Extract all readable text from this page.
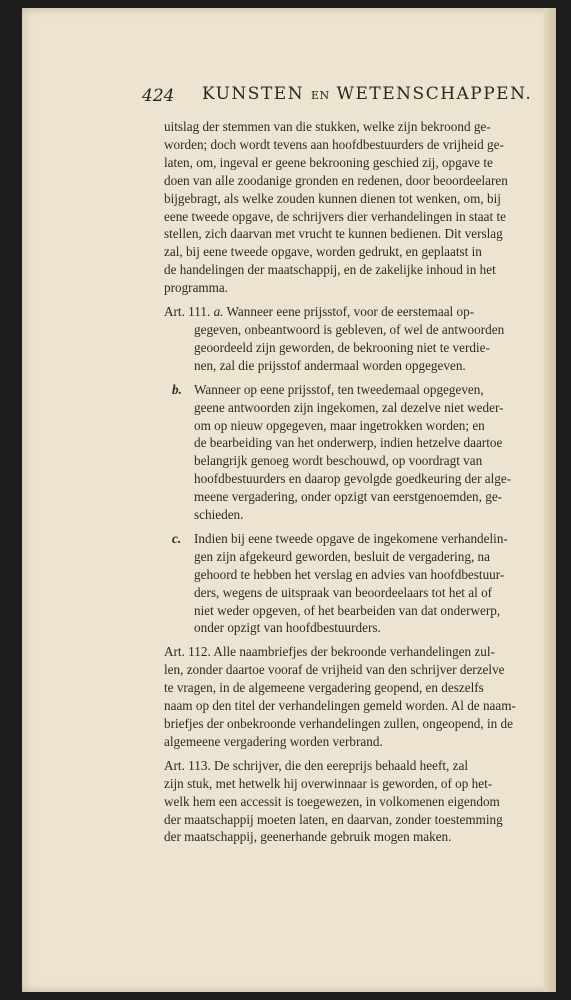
424 KUNSTEN EN WETENSCHAPPEN.
uitslag der stemmen van die stukken, welke zijn bekroond ge-
worden; doch wordt tevens aan hoofdbestuurders de vrijheid ge-
laten, om, ingeval er geene bekrooning geschied zij, opgave te
doen van alle zoodanige gronden en redenen, door beoordeelaren
bijgebragt, als welke zouden kunnen dienen tot wenken, om, bij
eene tweede opgave, de schrijvers dier verhandelingen in staat te
stellen, zich daarvan met vrucht te kunnen bedienen. Dit verslag
zal, bij eene tweede opgave, worden gedrukt, en geplaatst in
de handelingen der maatschappij, en de zakelijke inhoud in het
programma.
Art. 111. a. Wanneer eene prijsstof, voor de eerstemaal op-
gegeven, onbeantwoord is gebleven, of wel de antwoorden
geoordeeld zijn geworden, de bekrooning niet te verdie-
nen, zal die prijsstof andermaal worden opgegeven.
b. Wanneer op eene prijsstof, ten tweedemaal opgegeven,
geene antwoorden zijn ingekomen, zal dezelve niet weder-
om op nieuw opgegeven, maar ingetrokken worden; en
de bearbeiding van het onderwerp, indien hetzelve daartoe
belangrijk genoeg wordt beschouwd, op voordragt van
hoofdbestuurders en daarop gevolgde goedkeuring der alge-
meene vergadering, onder opzigt van eerstgenoemden, ge-
schieden.
c. Indien bij eene tweede opgave de ingekomene verhandelin-
gen zijn afgekeurd geworden, besluit de vergadering, na
gehoord te hebben het verslag en advies van hoofdbestuur-
ders, wegens de uitspraak van beoordeelaars tot het al of
niet weder opgeven, of het bearbeiden van dat onderwerp,
onder opzigt van hoofdbestuurders.
Art. 112. Alle naambriefjes der bekroonde verhandelingen zul-
len, zonder daartoe vooraf de vrijheid van den schrijver derzelve
te vragen, in de algemeene vergadering geopend, en deszelfs
naam op den titel der verhandelingen gemeld worden. Al de naam-
briefjes der onbekroonde verhandelingen zullen, ongeopend, in de
algemeene vergadering worden verbrand.
Art. 113. De schrijver, die den eereprijs behaald heeft, zal
zijn stuk, met hetwelk hij overwinnaar is geworden, of op het-
welk hem een accessit is toegewezen, in volkomenen eigendom
der maatschappij moeten laten, en daarvan, zonder toestemming
der maatschappij, geenerhande gebruik mogen maken.
